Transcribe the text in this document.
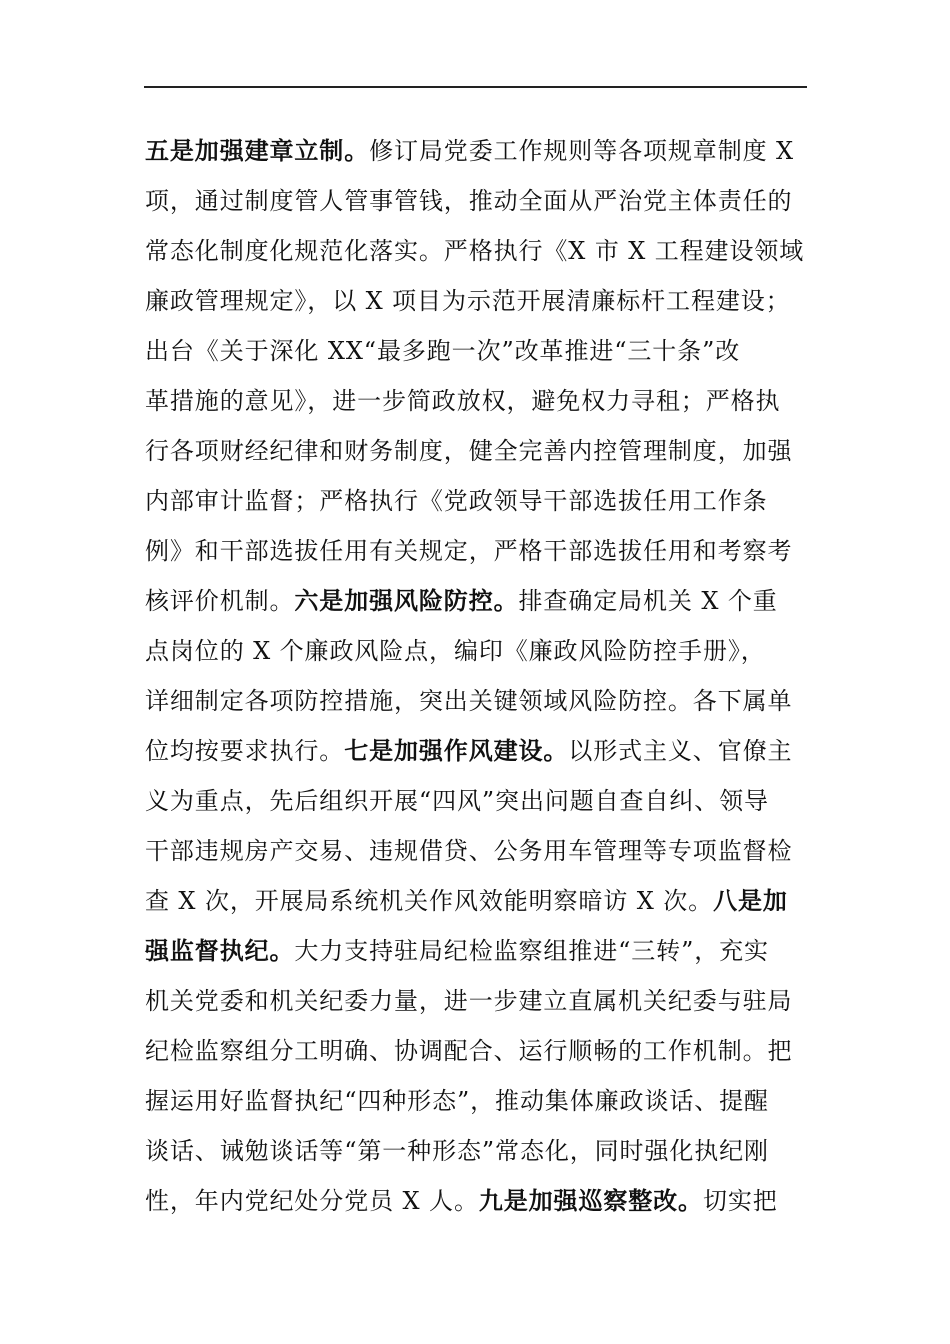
五是加强建章立制。修订局党委工作规则等各项规章制度 X
项，通过制度管人管事管钱，推动全面从严治党主体责任的
常态化制度化规范化落实。严格执行《X 市 X 工程建设领域
廉政管理规定》，以 X 项目为示范开展清廉标杆工程建设；
出台《关于深化 XX“最多跑一次”改革推进“三十条”改
革措施的意见》，进一步简政放权，避免权力寻租；严格执
行各项财经纪律和财务制度，健全完善内控管理制度，加强
内部审计监督；严格执行《党政领导干部选拔任用工作条
例》和干部选拔任用有关规定，严格干部选拔任用和考察考
核评价机制。六是加强风险防控。排查确定局机关 X 个重
点岗位的 X 个廉政风险点，编印《廉政风险防控手册》，
详细制定各项防控措施，突出关键领域风险防控。各下属单
位均按要求执行。七是加强作风建设。以形式主义、官僚主
义为重点，先后组织开展“四风”突出问题自查自纠、领导
干部违规房产交易、违规借贷、公务用车管理等专项监督检
查 X 次，开展局系统机关作风效能明察暗访 X 次。八是加
强监督执纪。大力支持驻局纪检监察组推进“三转”，充实
机关党委和机关纪委力量，进一步建立直属机关纪委与驻局
纪检监察组分工明确、协调配合、运行顺畅的工作机制。把
握运用好监督执纪“四种形态”，推动集体廉政谈话、提醒
谈话、诫勉谈话等“第一种形态”常态化，同时强化执纪刚
性，年内党纪处分党员 X 人。九是加强巡察整改。切实把
